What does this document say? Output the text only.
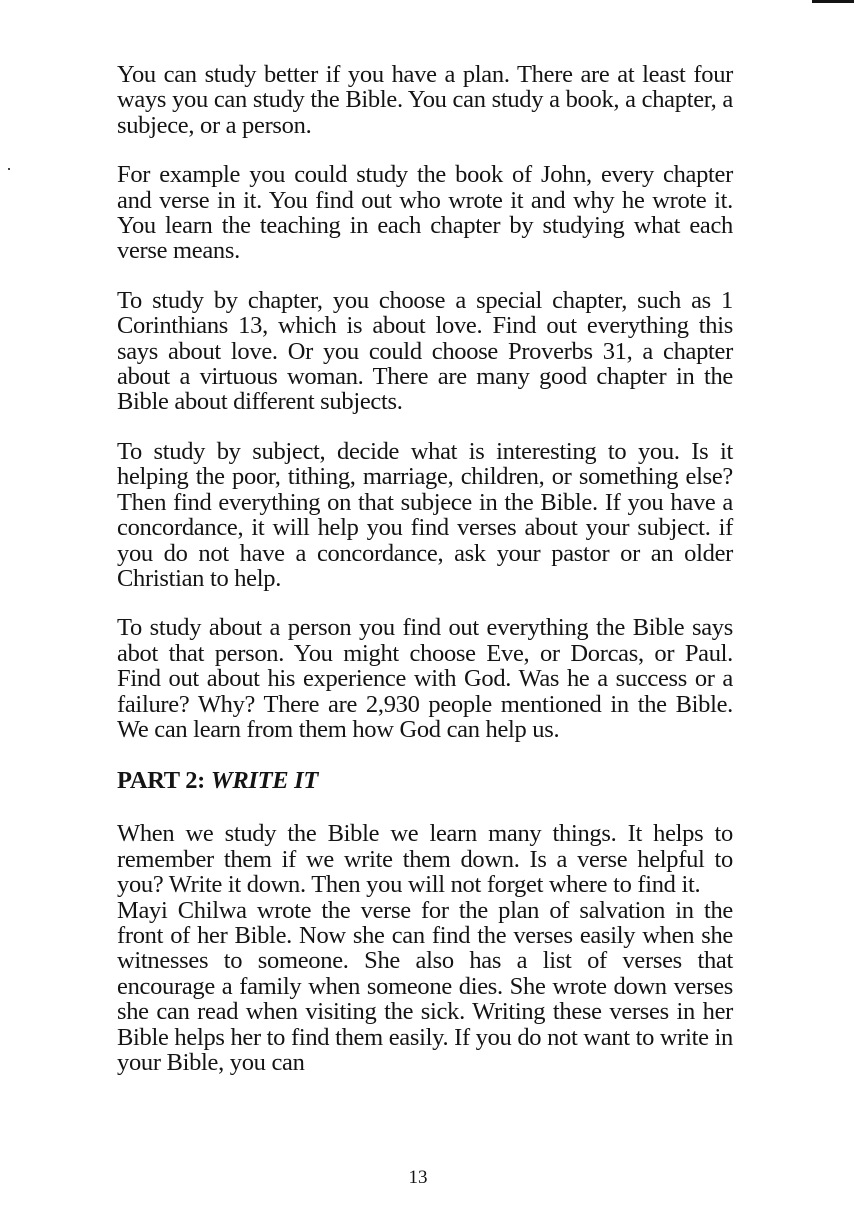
You can study better if you have a plan. There are at least four ways you can study the Bible. You can study a book, a chapter, a subjece, or a person.

For example you could study the book of John, every chapter and verse in it. You find out who wrote it and why he wrote it. You learn the teaching in each chapter by studying what each verse means.

To study by chapter, you choose a special chapter, such as 1 Corinthians 13, which is about love. Find out everything this says about love. Or you could choose Proverbs 31, a chapter about a virtuous woman. There are many good chapter in the Bible about different subjects.

To study by subject, decide what is interesting to you. Is it helping the poor, tithing, marriage, children, or something else? Then find everything on that subjece in the Bible. If you have a concordance, it will help you find verses about your subject. if you do not have a concordance, ask your pastor or an older Christian to help.

To study about a person you find out everything the Bible says abot that person. You might choose Eve, or Dorcas, or Paul. Find out about his experience with God. Was he a success or a failure? Why? There are 2,930 people mentioned in the Bible. We can learn from them how God can help us.

PART 2: WRITE IT

When we study the Bible we learn many things. It helps to remember them if we write them down. Is a verse helpful to you? Write it down. Then you will not forget where to find it.

Mayi Chilwa wrote the verse for the plan of salvation in the front of her Bible. Now she can find the verses easily when she witnesses to someone. She also has a list of verses that encourage a family when someone dies. She wrote down verses she can read when visiting the sick. Writing these verses in her Bible helps her to find them easily. If you do not want to write in your Bible, you can

13
